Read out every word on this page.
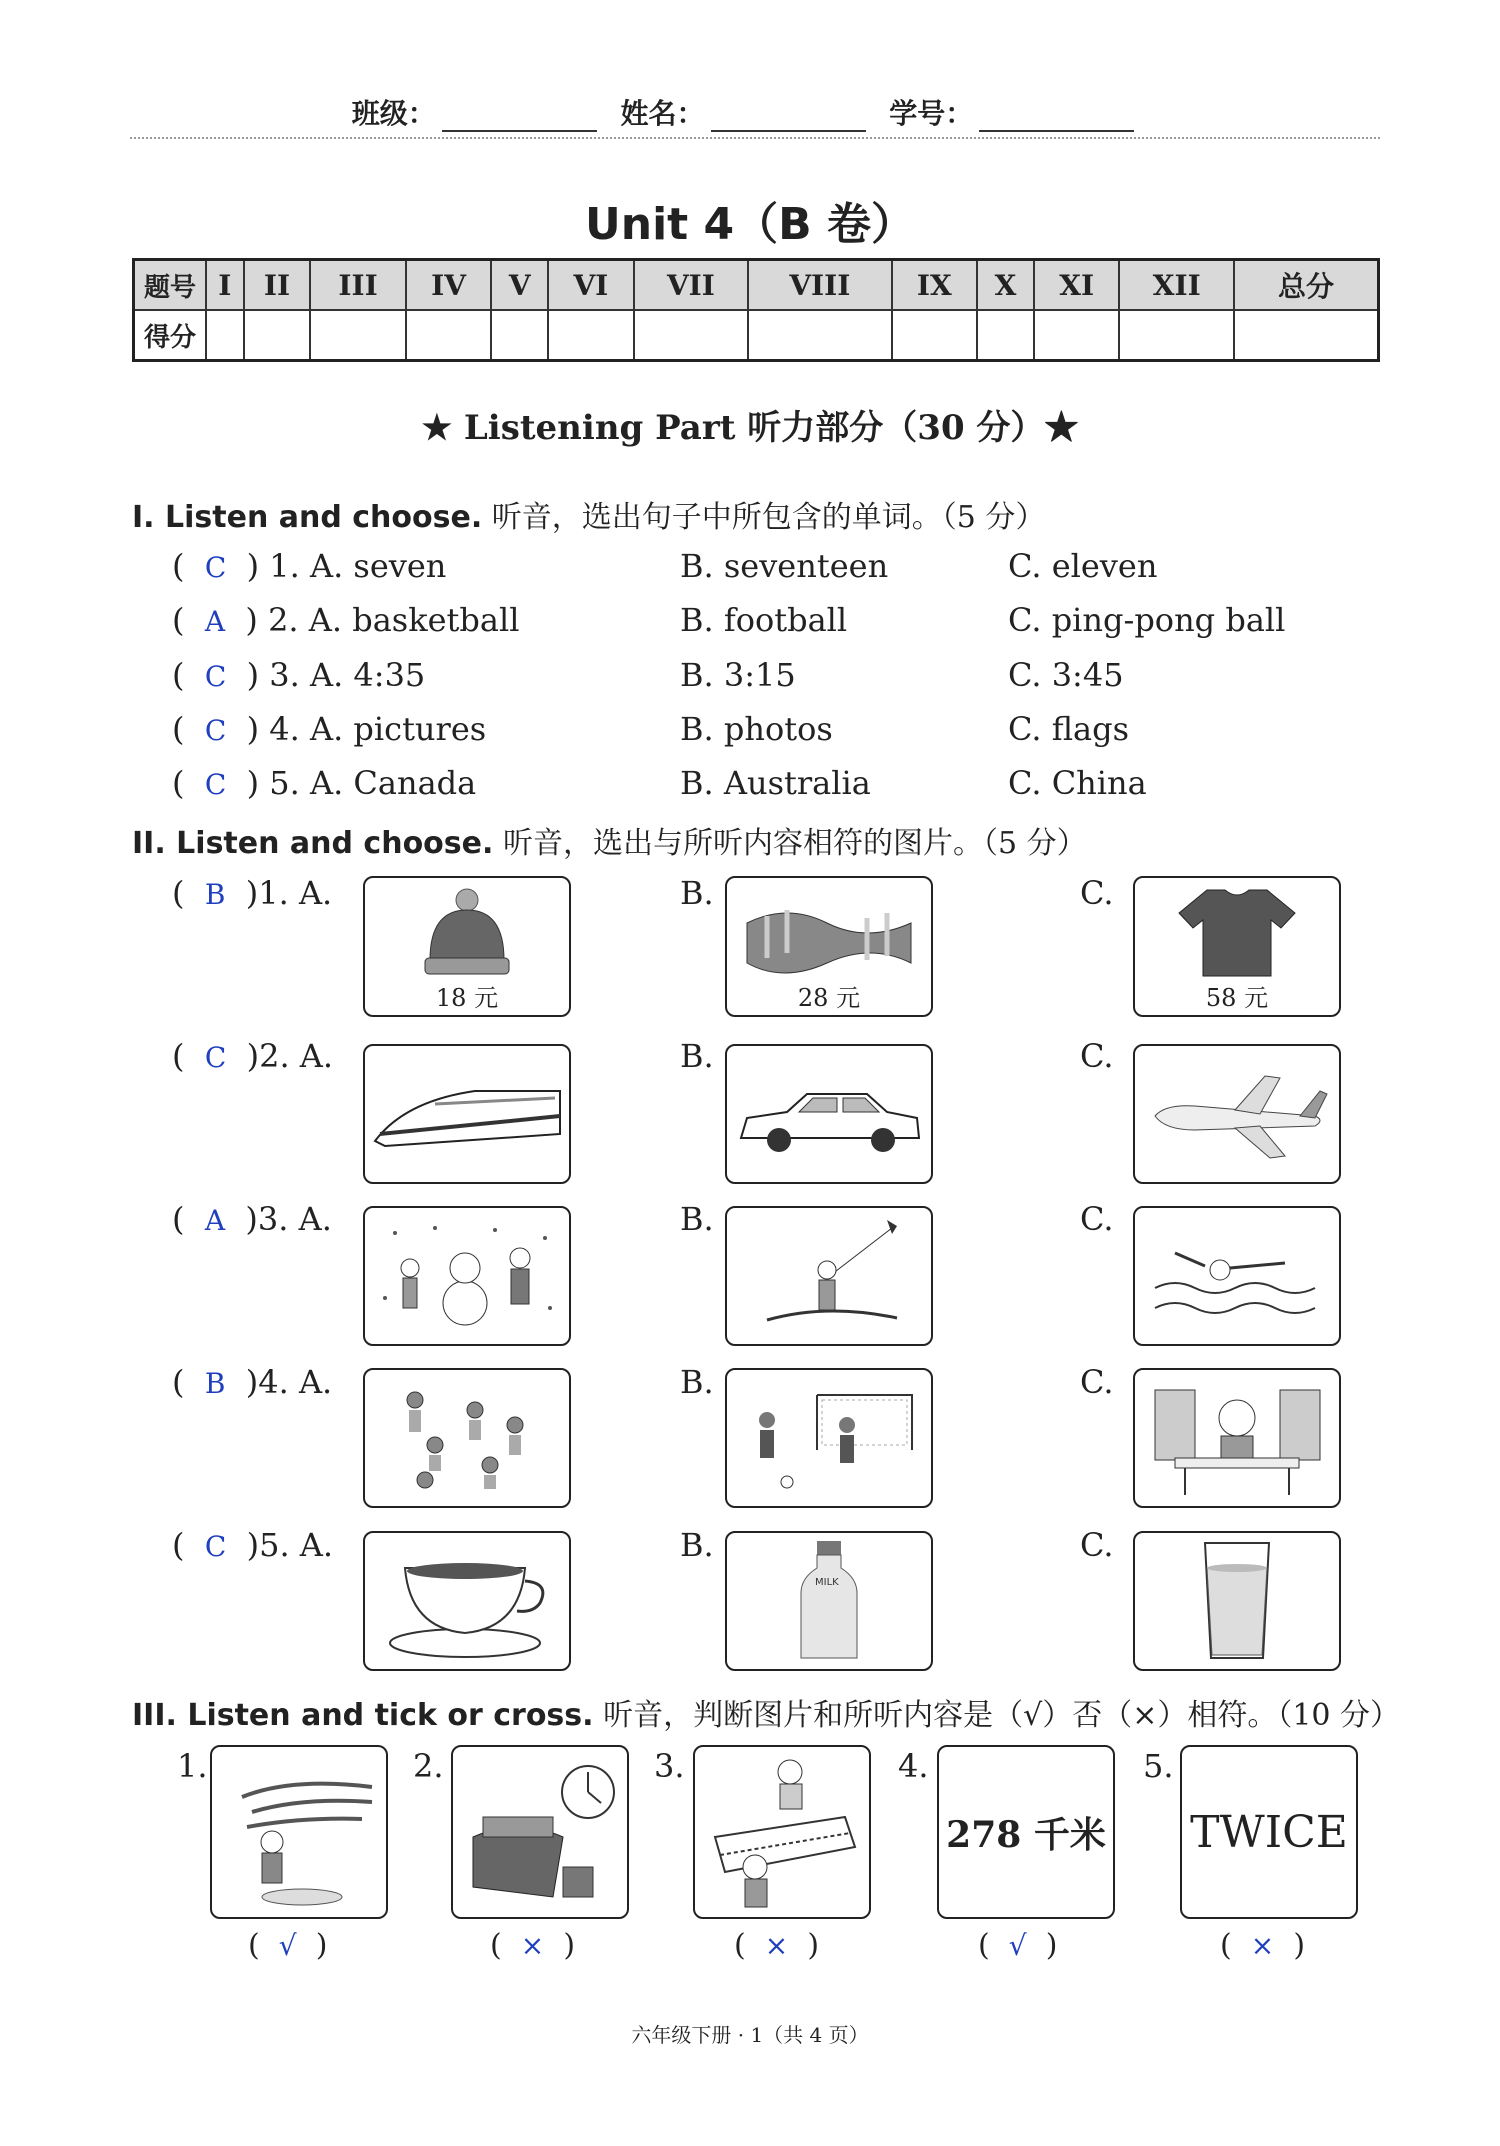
班级：	姓名：	学号：
Unit 4（B 卷）
题号	I	II	III	IV	V	VI	VII	VIII	IX	X	XI	XII	总分
得分													
★ Listening Part 听力部分（30 分）★
I. Listen and choose. 听音，选出句子中所包含的单词。（5 分）
(  C  ) 1. A. seven	B. seventeen	C. eleven
(  A  ) 2. A. basketball	B. football	C. ping-pong ball
(  C  ) 3. A. 4:35	B. 3:15	C. 3:45
(  C  ) 4. A. pictures	B. photos	C. flags
(  C  ) 5. A. Canada	B. Australia	C. China
II. Listen and choose. 听音，选出与所听内容相符的图片。（5 分）
(  B  )1. A.	B.	C.
18 元	28 元	58 元
(  C  )2. A.	B.	C.
(  A  )3. A.	B.	C.
(  B  )4. A.	B.	C.
(  C  )5. A.	B.	C.
MILK
III. Listen and tick or cross. 听音，判断图片和所听内容是（√）否（×）相符。（10 分）
1.	2.	3.	4.
278 千米
5.
TWICE
(  √  )	(  ×  )	(  ×  )	(  √  )	(  ×  )
六年级下册 · 1（共 4 页）
